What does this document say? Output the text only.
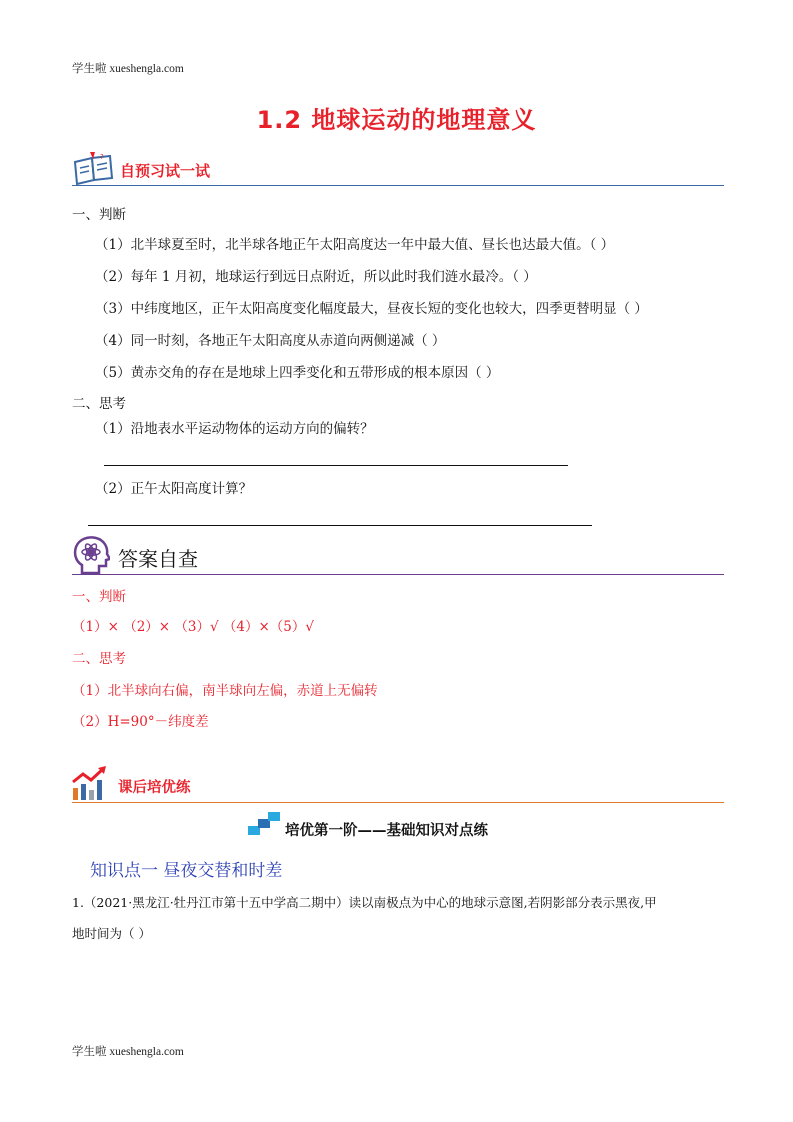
学生啦 xueshengla.com
1.2 地球运动的地理意义
?
自预习试一试
一、判断
（1）北半球夏至时，北半球各地正午太阳高度达一年中最大值、昼长也达最大值。（ ）
（2）每年 1 月初，地球运行到远日点附近，所以此时我们涟水最冷。（ ）
（3）中纬度地区，正午太阳高度变化幅度最大，昼夜长短的变化也较大，四季更替明显（ ）
（4）同一时刻，各地正午太阳高度从赤道向两侧递减（ ）
（5）黄赤交角的存在是地球上四季变化和五带形成的根本原因（ ）
二、思考
（1）沿地表水平运动物体的运动方向的偏转？
（2）正午太阳高度计算？
答案自查
一、判断
（1）× （2）× （3）√ （4）×（5）√
二、思考
（1）北半球向右偏，南半球向左偏，赤道上无偏转
（2）H=90°－纬度差
课后培优练
培优第一阶——基础知识对点练
知识点一 昼夜交替和时差
1.（2021·黑龙江·牡丹江市第十五中学高二期中）读以南极点为中心的地球示意图,若阴影部分表示黑夜,甲
地时间为（ ）
学生啦 xueshengla.com
